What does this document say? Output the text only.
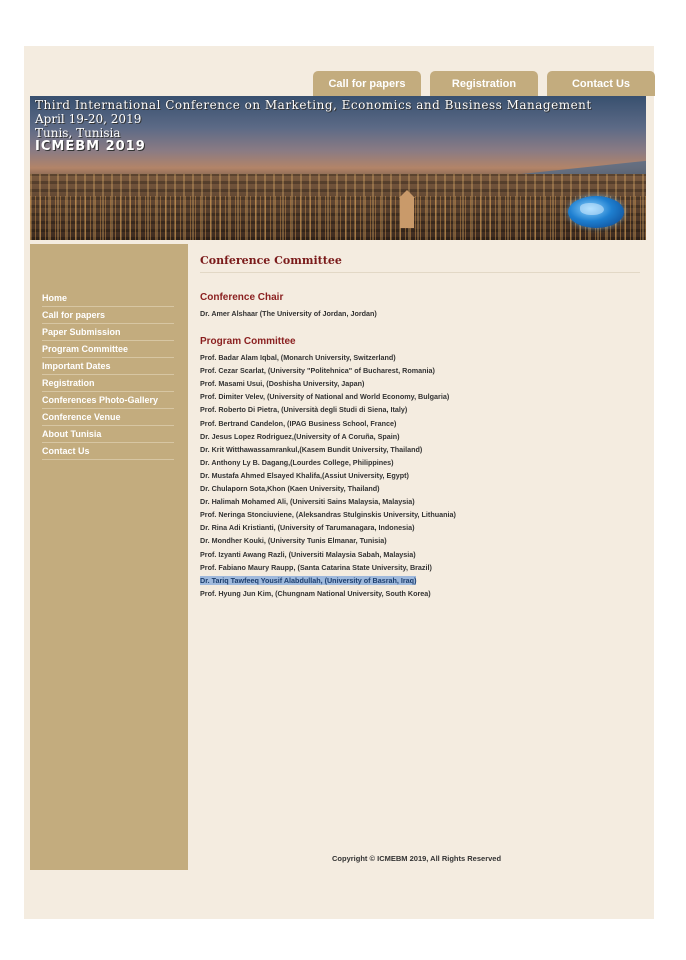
Call for papers	Registration	Contact Us
Third International Conference on Marketing, Economics and Business Management
April 19-20, 2019
Tunis, Tunisia
ICMEBM 2019
Home
Call for papers
Paper Submission
Program Committee
Important Dates
Registration
Conferences Photo-Gallery
Conference Venue
About Tunisia
Contact Us
Conference Committee
Conference Chair
Dr. Amer Alshaar (The University of Jordan, Jordan)
Program Committee
Prof. Badar Alam Iqbal, (Monarch University, Switzerland)
Prof. Cezar Scarlat, (University "Politehnica" of Bucharest, Romania)
Prof. Masami Usui, (Doshisha University, Japan)
Prof. Dimiter Velev, (University of National and World Economy, Bulgaria)
Prof. Roberto Di Pietra, (Università degli Studi di Siena, Italy)
Prof. Bertrand Candelon, (IPAG Business School, France)
Dr. Jesus Lopez Rodriguez,(University of A Coruña, Spain)
Dr. Krit Witthawassamrankul,(Kasem Bundit University, Thailand)
Dr. Anthony Ly B. Dagang,(Lourdes College, Philippines)
Dr. Mustafa Ahmed Elsayed Khalifa,(Assiut University, Egypt)
Dr. Chulaporn Sota,Khon (Kaen University, Thailand)
Dr. Halimah Mohamed Ali, (Universiti Sains Malaysia, Malaysia)
Prof. Neringa Stonciuviene, (Aleksandras Stulginskis University, Lithuania)
Dr. Rina Adi Kristianti, (University of Tarumanagara, Indonesia)
Dr. Mondher Kouki, (University Tunis Elmanar, Tunisia)
Prof. Izyanti Awang Razli, (Universiti Malaysia Sabah, Malaysia)
Prof. Fabiano Maury Raupp, (Santa Catarina State University, Brazil)
Dr. Tariq Tawfeeq Yousif Alabdullah, (University of Basrah, Iraq)
Prof. Hyung Jun Kim, (Chungnam National University, South Korea)
Copyright © ICMEBM 2019, All Rights Reserved
